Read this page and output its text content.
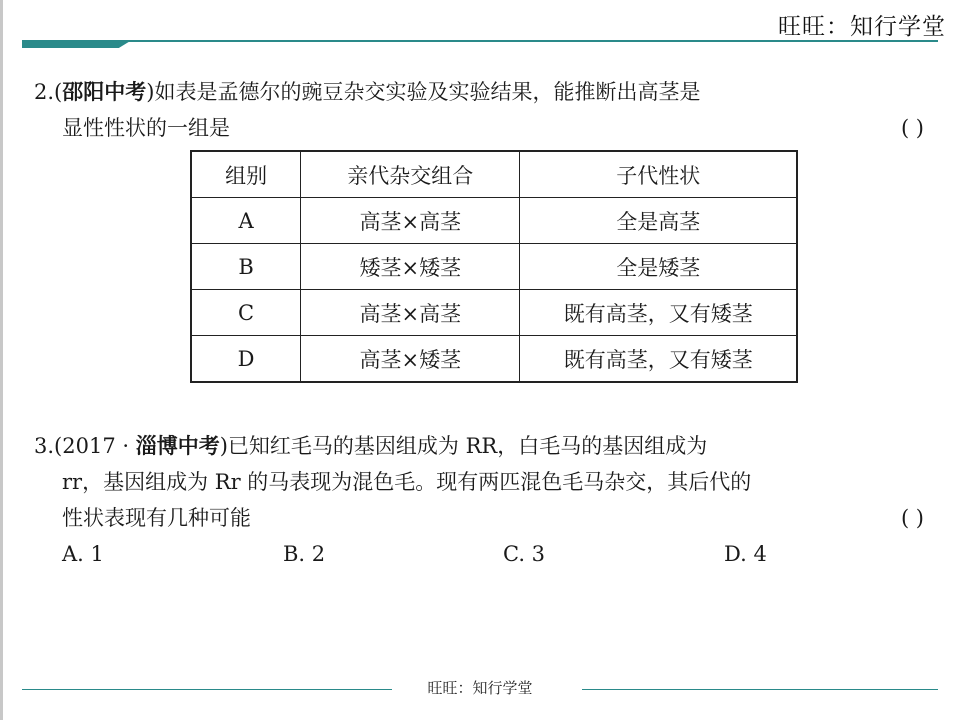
旺旺：知行学堂
2.(邵阳中考)如表是孟德尔的豌豆杂交实验及实验结果，能推断出高茎是
显性性状的一组是	( )
组别	亲代杂交组合	子代性状
A	高茎×高茎	全是高茎
B	矮茎×矮茎	全是矮茎
C	高茎×高茎	既有高茎，又有矮茎
D	高茎×矮茎	既有高茎，又有矮茎
3.(2017 · 淄博中考)已知红毛马的基因组成为 RR，白毛马的基因组成为
rr，基因组成为 Rr 的马表现为混色毛。现有两匹混色毛马杂交，其后代的
性状表现有几种可能	( )
A. 1	B. 2	C. 3	D. 4
旺旺：知行学堂
